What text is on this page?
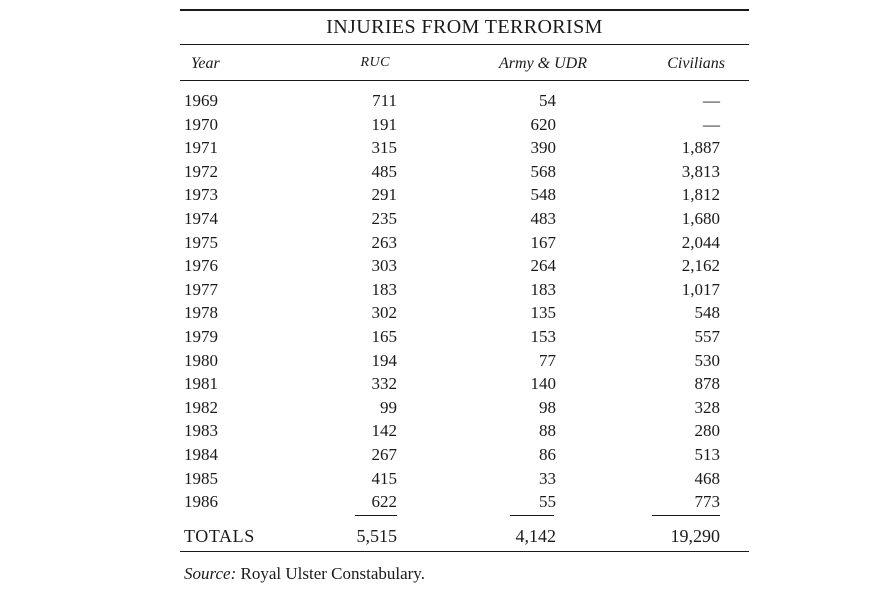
INJURIES FROM TERRORISM
Year	RUC	Army & UDR	Civilians
1969	711	54	—
1970	191	620	—
1971	315	390	1,887
1972	485	568	3,813
1973	291	548	1,812
1974	235	483	1,680
1975	263	167	2,044
1976	303	264	2,162
1977	183	183	1,017
1978	302	135	548
1979	165	153	557
1980	194	77	530
1981	332	140	878
1982	99	98	328
1983	142	88	280
1984	267	86	513
1985	415	33	468
1986	622	55	773
TOTALS	5,515	4,142	19,290
Source: Royal Ulster Constabulary.
